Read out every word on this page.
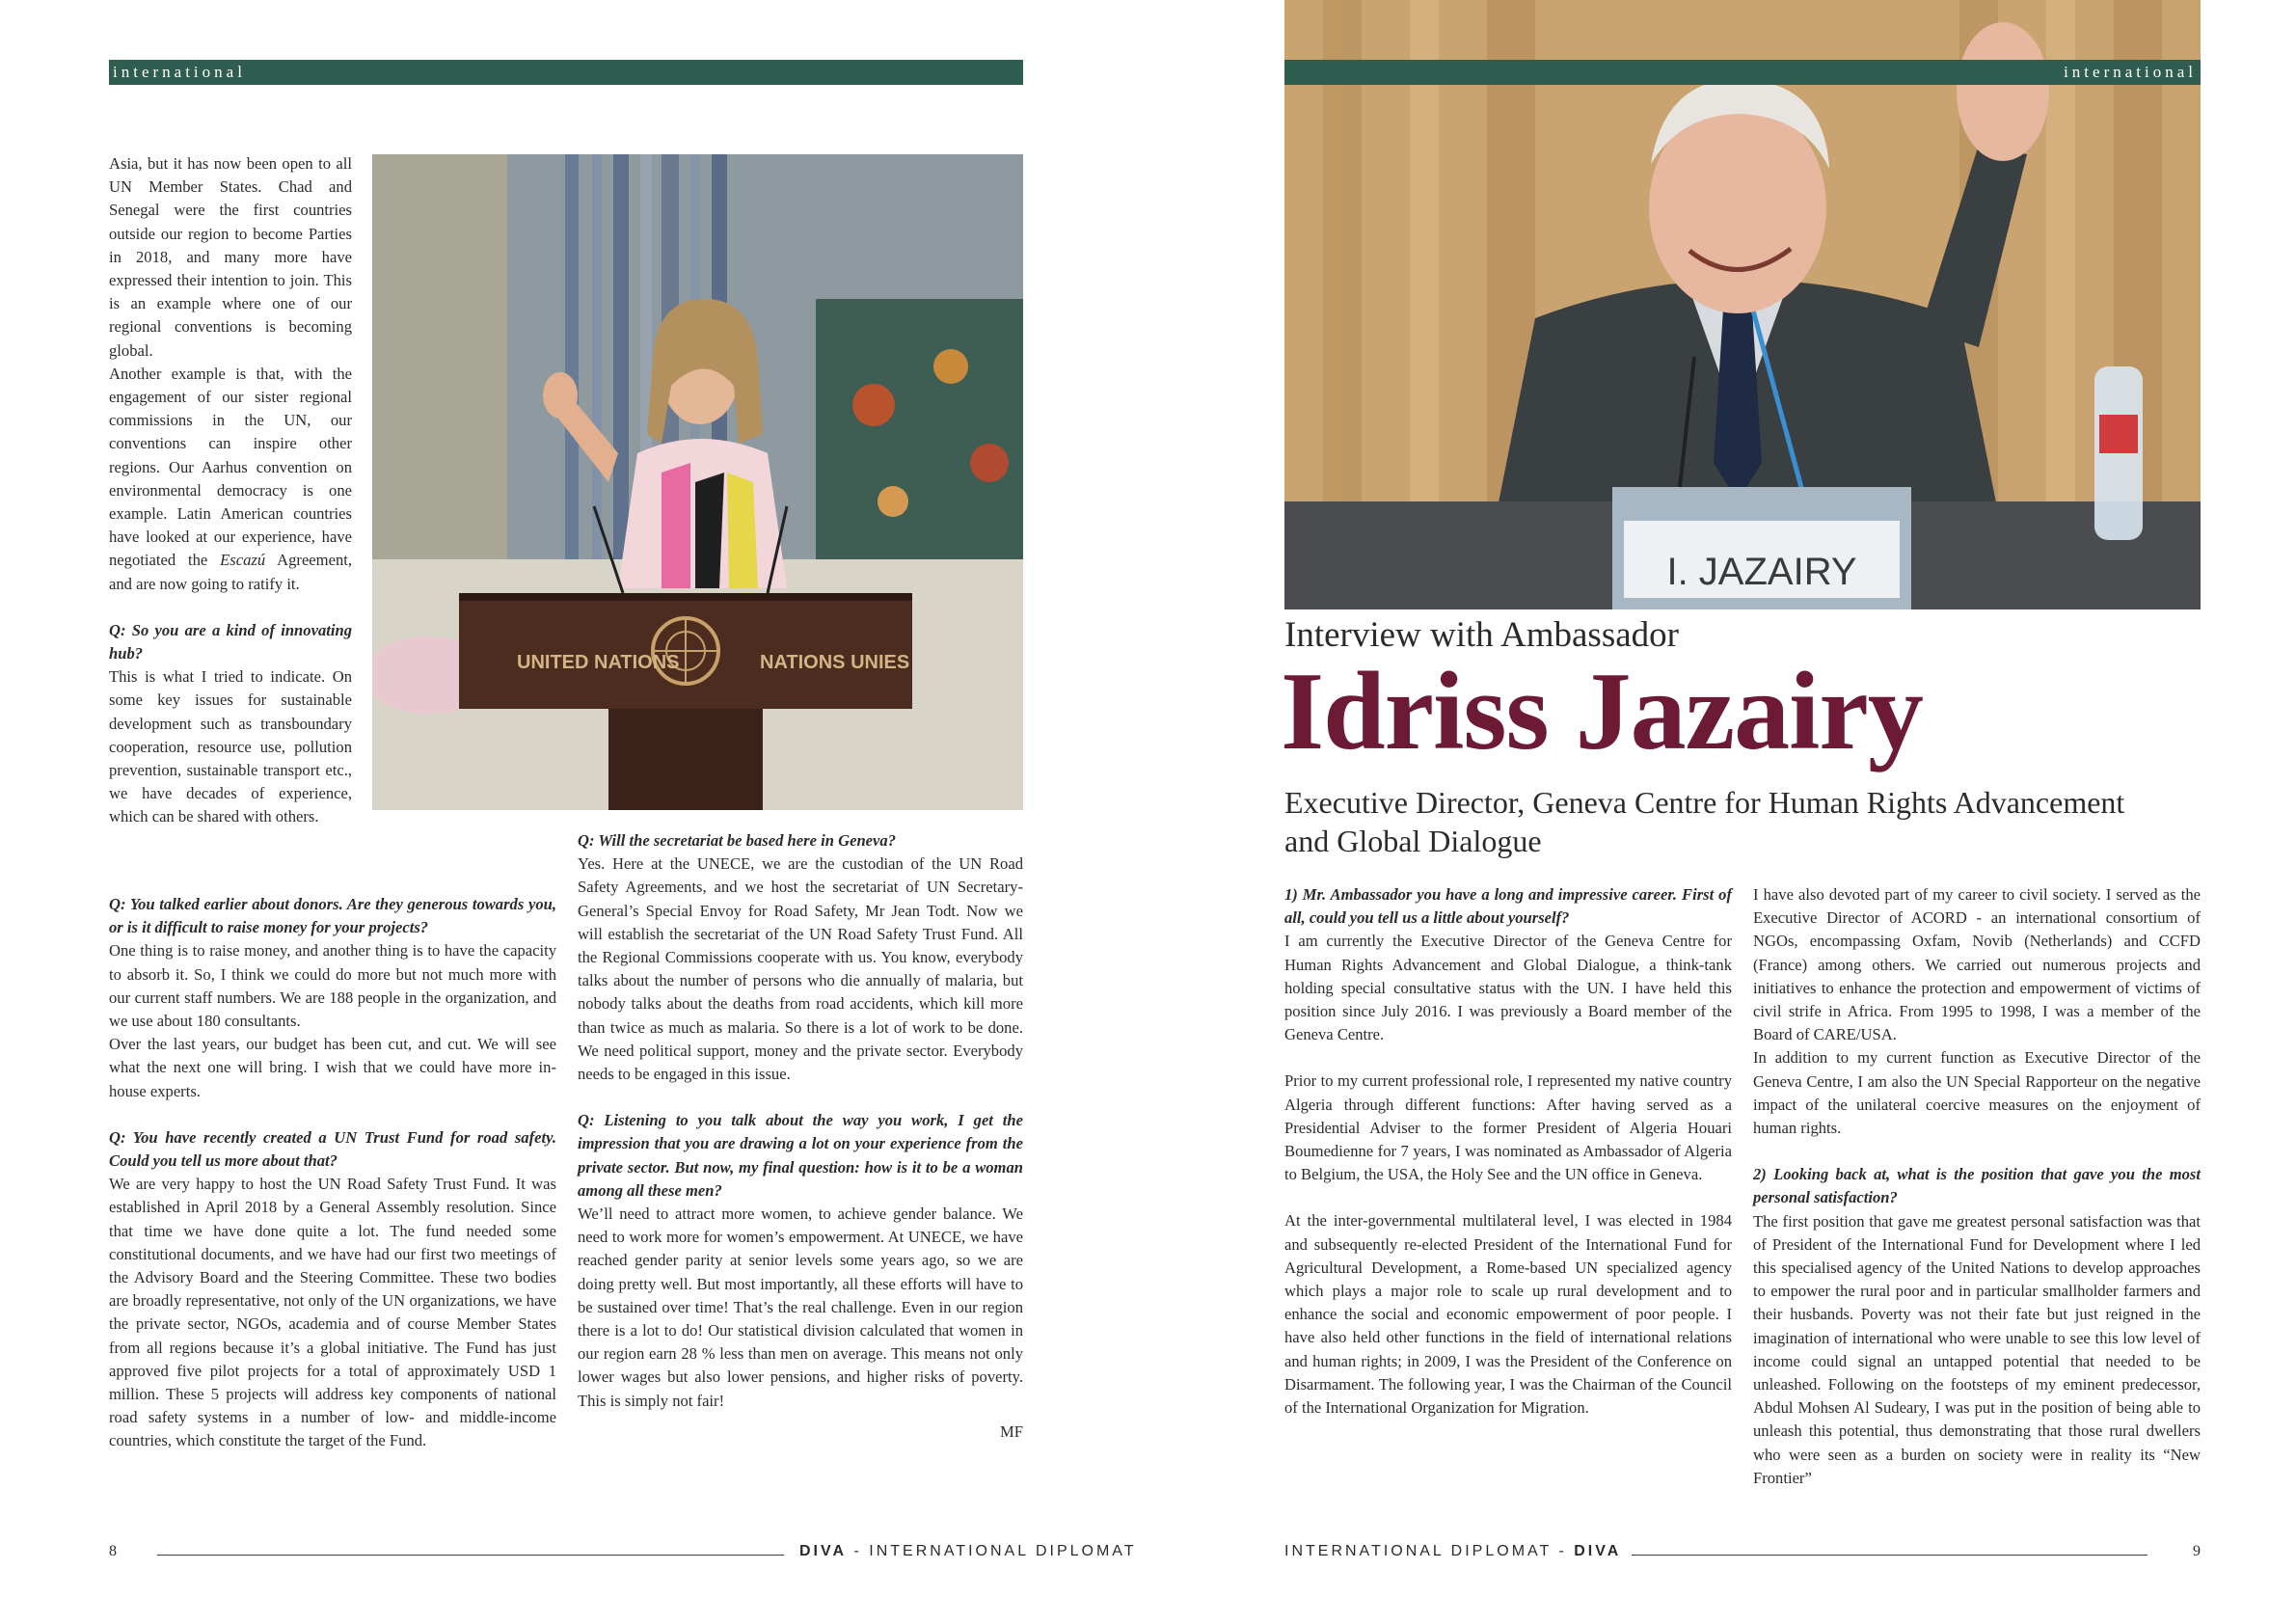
international
UNITED NATIONS	NATIONS UNIES

Asia, but it has now been open to all UN Member States. Chad and Senegal were the first countries outside our region to become Parties in 2018, and many more have expressed their intention to join. This is an example where one of our regional conventions is becoming global.

Another example is that, with the engagement of our sister regional commissions in the UN, our conventions can inspire other regions. Our Aarhus convention on environmental democracy is one example. Latin American countries have looked at our experience, have negotiated the Escazú Agreement, and are now going to ratify it.

Q: So you are a kind of innovating hub?

This is what I tried to indicate. On some key issues for sustainable development such as transboundary cooperation, resource use, pollution prevention, sustainable transport etc., we have decades of experience, which can be shared with others.

Q: You talked earlier about donors. Are they generous towards you, or is it difficult to raise money for your projects?

One thing is to raise money, and another thing is to have the capacity to absorb it. So, I think we could do more but not much more with our current staff numbers. We are 188 people in the organization, and we use about 180 consultants.

Over the last years, our budget has been cut, and cut. We will see what the next one will bring. I wish that we could have more in-house experts.

Q: You have recently created a UN Trust Fund for road safety. Could you tell us more about that?

We are very happy to host the UN Road Safety Trust Fund. It was established in April 2018 by a General Assembly resolution. Since that time we have done quite a lot. The fund needed some constitutional documents, and we have had our first two meetings of the Advisory Board and the Steering Committee. These two bodies are broadly representative, not only of the UN organizations, we have the private sector, NGOs, academia and of course Member States from all regions because it’s a global initiative. The Fund has just approved five pilot projects for a total of approximately USD 1 million. These 5 projects will address key components of national road safety systems in a number of low- and middle-income countries, which constitute the target of the Fund.

Q: Will the secretariat be based here in Geneva?

Yes. Here at the UNECE, we are the custodian of the UN Road Safety Agreements, and we host the secretariat of UN Secretary-General’s Special Envoy for Road Safety, Mr Jean Todt. Now we will establish the secretariat of the UN Road Safety Trust Fund. All the Regional Commissions cooperate with us. You know, everybody talks about the number of persons who die annually of malaria, but nobody talks about the deaths from road accidents, which kill more than twice as much as malaria. So there is a lot of work to be done. We need political support, money and the private sector. Everybody needs to be engaged in this issue.

Q: Listening to you talk about the way you work, I get the impression that you are drawing a lot on your experience from the private sector. But now, my final question: how is it to be a woman among all these men?

We’ll need to attract more women, to achieve gender balance. We need to work more for women’s empowerment. At UNECE, we have reached gender parity at senior levels some years ago, so we are doing pretty well. But most importantly, all these efforts will have to be sustained over time! That’s the real challenge. Even in our region there is a lot to do! Our statistical division calculated that women in our region earn 28 % less than men on average. This means not only lower wages but also lower pensions, and higher risks of poverty. This is simply not fair!

MF

8	DIVA - INTERNATIONAL DIPLOMAT
I. JAZAIRY
international
Interview with Ambassador
Idriss Jazairy
Executive Director, Geneva Centre for Human Rights Advancement and Global Dialogue

1) Mr. Ambassador you have a long and impressive career. First of all, could you tell us a little about yourself?

I am currently the Executive Director of the Geneva Centre for Human Rights Advancement and Global Dialogue, a think-tank holding special consultative status with the UN. I have held this position since July 2016. I was previously a Board member of the Geneva Centre.

Prior to my current professional role, I represented my native country Algeria through different functions: After having served as a Presidential Adviser to the former President of Algeria Houari Boumedienne for 7 years, I was nominated as Ambassador of Algeria to Belgium, the USA, the Holy See and the UN office in Geneva.

At the inter-governmental multilateral level, I was elected in 1984 and subsequently re-elected President of the International Fund for Agricultural Development, a Rome-based UN specialized agency which plays a major role to scale up rural development and to enhance the social and economic empowerment of poor people. I have also held other functions in the field of international relations and human rights; in 2009, I was the President of the Conference on Disarmament. The following year, I was the Chairman of the Council of the International Organization for Migration.

I have also devoted part of my career to civil society. I served as the Executive Director of ACORD - an international consortium of NGOs, encompassing Oxfam, Novib (Netherlands) and CCFD (France) among others. We carried out numerous projects and initiatives to enhance the protection and empowerment of victims of civil strife in Africa. From 1995 to 1998, I was a member of the Board of CARE/USA.

In addition to my current function as Executive Director of the Geneva Centre, I am also the UN Special Rapporteur on the negative impact of the unilateral coercive measures on the enjoyment of human rights.

2) Looking back at, what is the position that gave you the most personal satisfaction?

The first position that gave me greatest personal satisfaction was that of President of the International Fund for Development where I led this specialised agency of the United Nations to develop approaches to empower the rural poor and in particular smallholder farmers and their husbands. Poverty was not their fate but just reigned in the imagination of international who were unable to see this low level of income could signal an untapped potential that needed to be unleashed. Following on the footsteps of my eminent predecessor, Abdul Mohsen Al Sudeary, I was put in the position of being able to unleash this potential, thus demonstrating that those rural dwellers who were seen as a burden on society were in reality its “New Frontier”

INTERNATIONAL DIPLOMAT - DIVA	9
